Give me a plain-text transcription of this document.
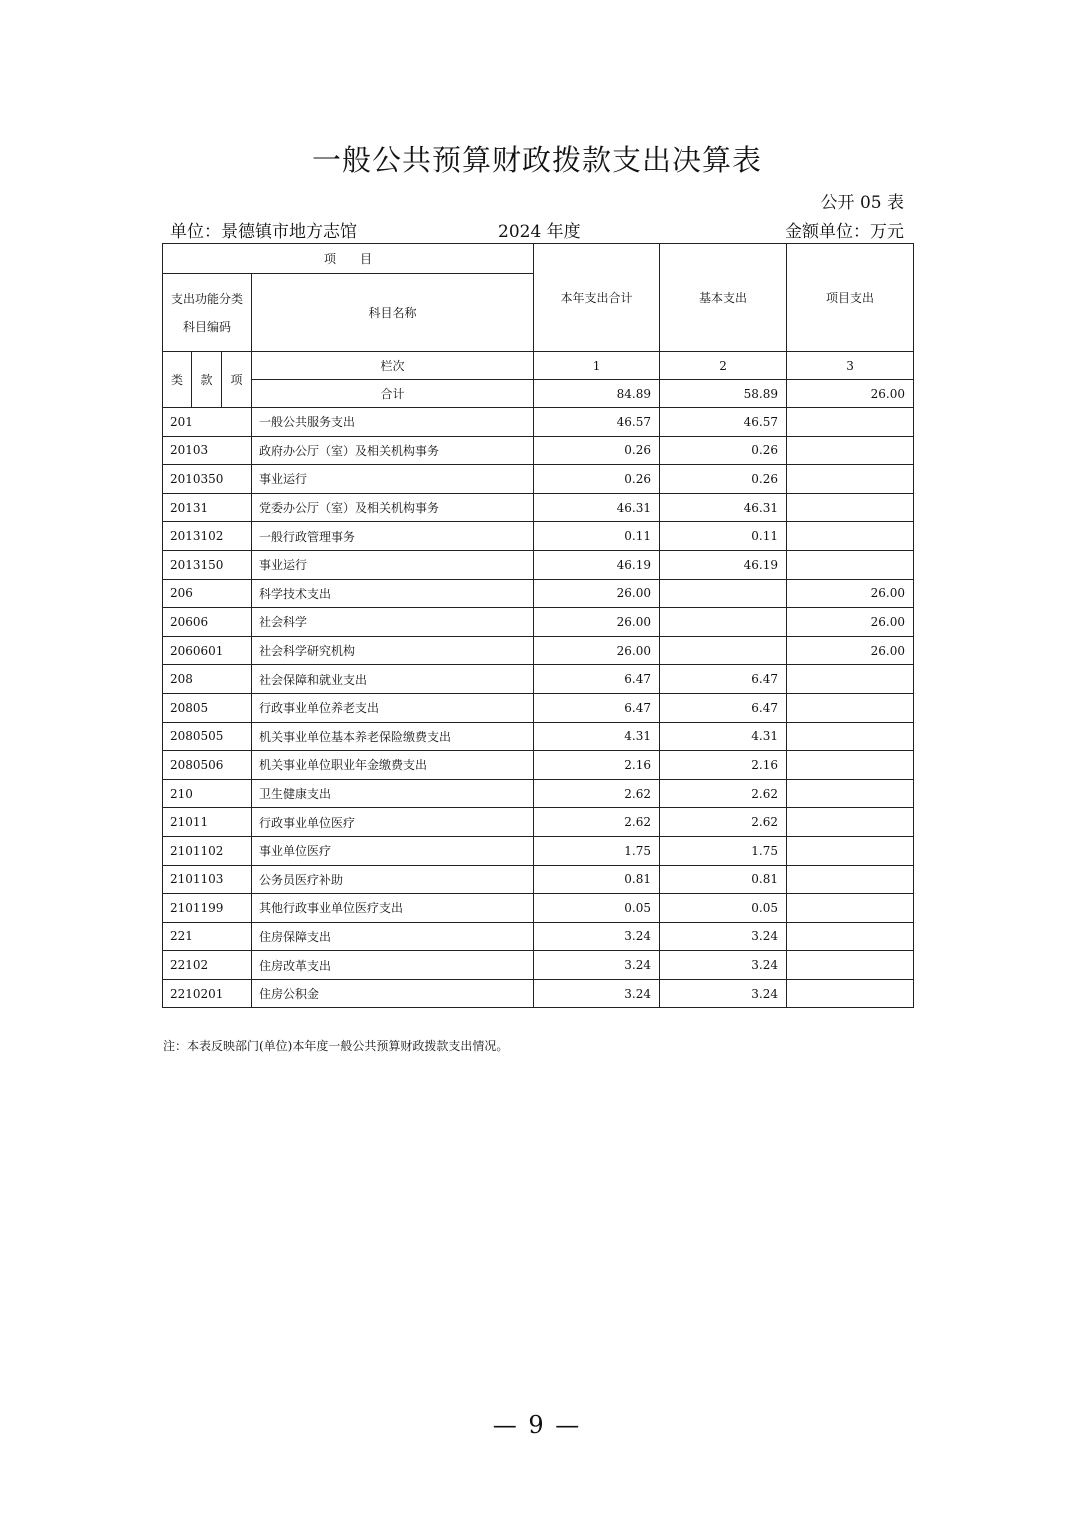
一般公共预算财政拨款支出决算表
公开 05 表
单位：景德镇市地方志馆	2024 年度	金额单位：万元
项　　目				本年支出合计	基本支出	项目支出

支出功能分类
科目编码			科目名称			
类	款	项	栏次	1	2	3
			合计	84.89	58.89	26.00
201			一般公共服务支出	46.57	46.57	
20103			政府办公厅（室）及相关机构事务	0.26	0.26	
2010350			事业运行	0.26	0.26	
20131			党委办公厅（室）及相关机构事务	46.31	46.31	
2013102			一般行政管理事务	0.11	0.11	
2013150			事业运行	46.19	46.19	
206			科学技术支出	26.00		26.00
20606			社会科学	26.00		26.00
2060601			社会科学研究机构	26.00		26.00
208			社会保障和就业支出	6.47	6.47	
20805			行政事业单位养老支出	6.47	6.47	
2080505			机关事业单位基本养老保险缴费支出	4.31	4.31	
2080506			机关事业单位职业年金缴费支出	2.16	2.16	
210			卫生健康支出	2.62	2.62	
21011			行政事业单位医疗	2.62	2.62	
2101102			事业单位医疗	1.75	1.75	
2101103			公务员医疗补助	0.81	0.81	
2101199			其他行政事业单位医疗支出	0.05	0.05	
221			住房保障支出	3.24	3.24	
22102			住房改革支出	3.24	3.24	
2210201			住房公积金	3.24	3.24	
注：本表反映部门(单位)本年度一般公共预算财政拨款支出情况。
— 9 —
